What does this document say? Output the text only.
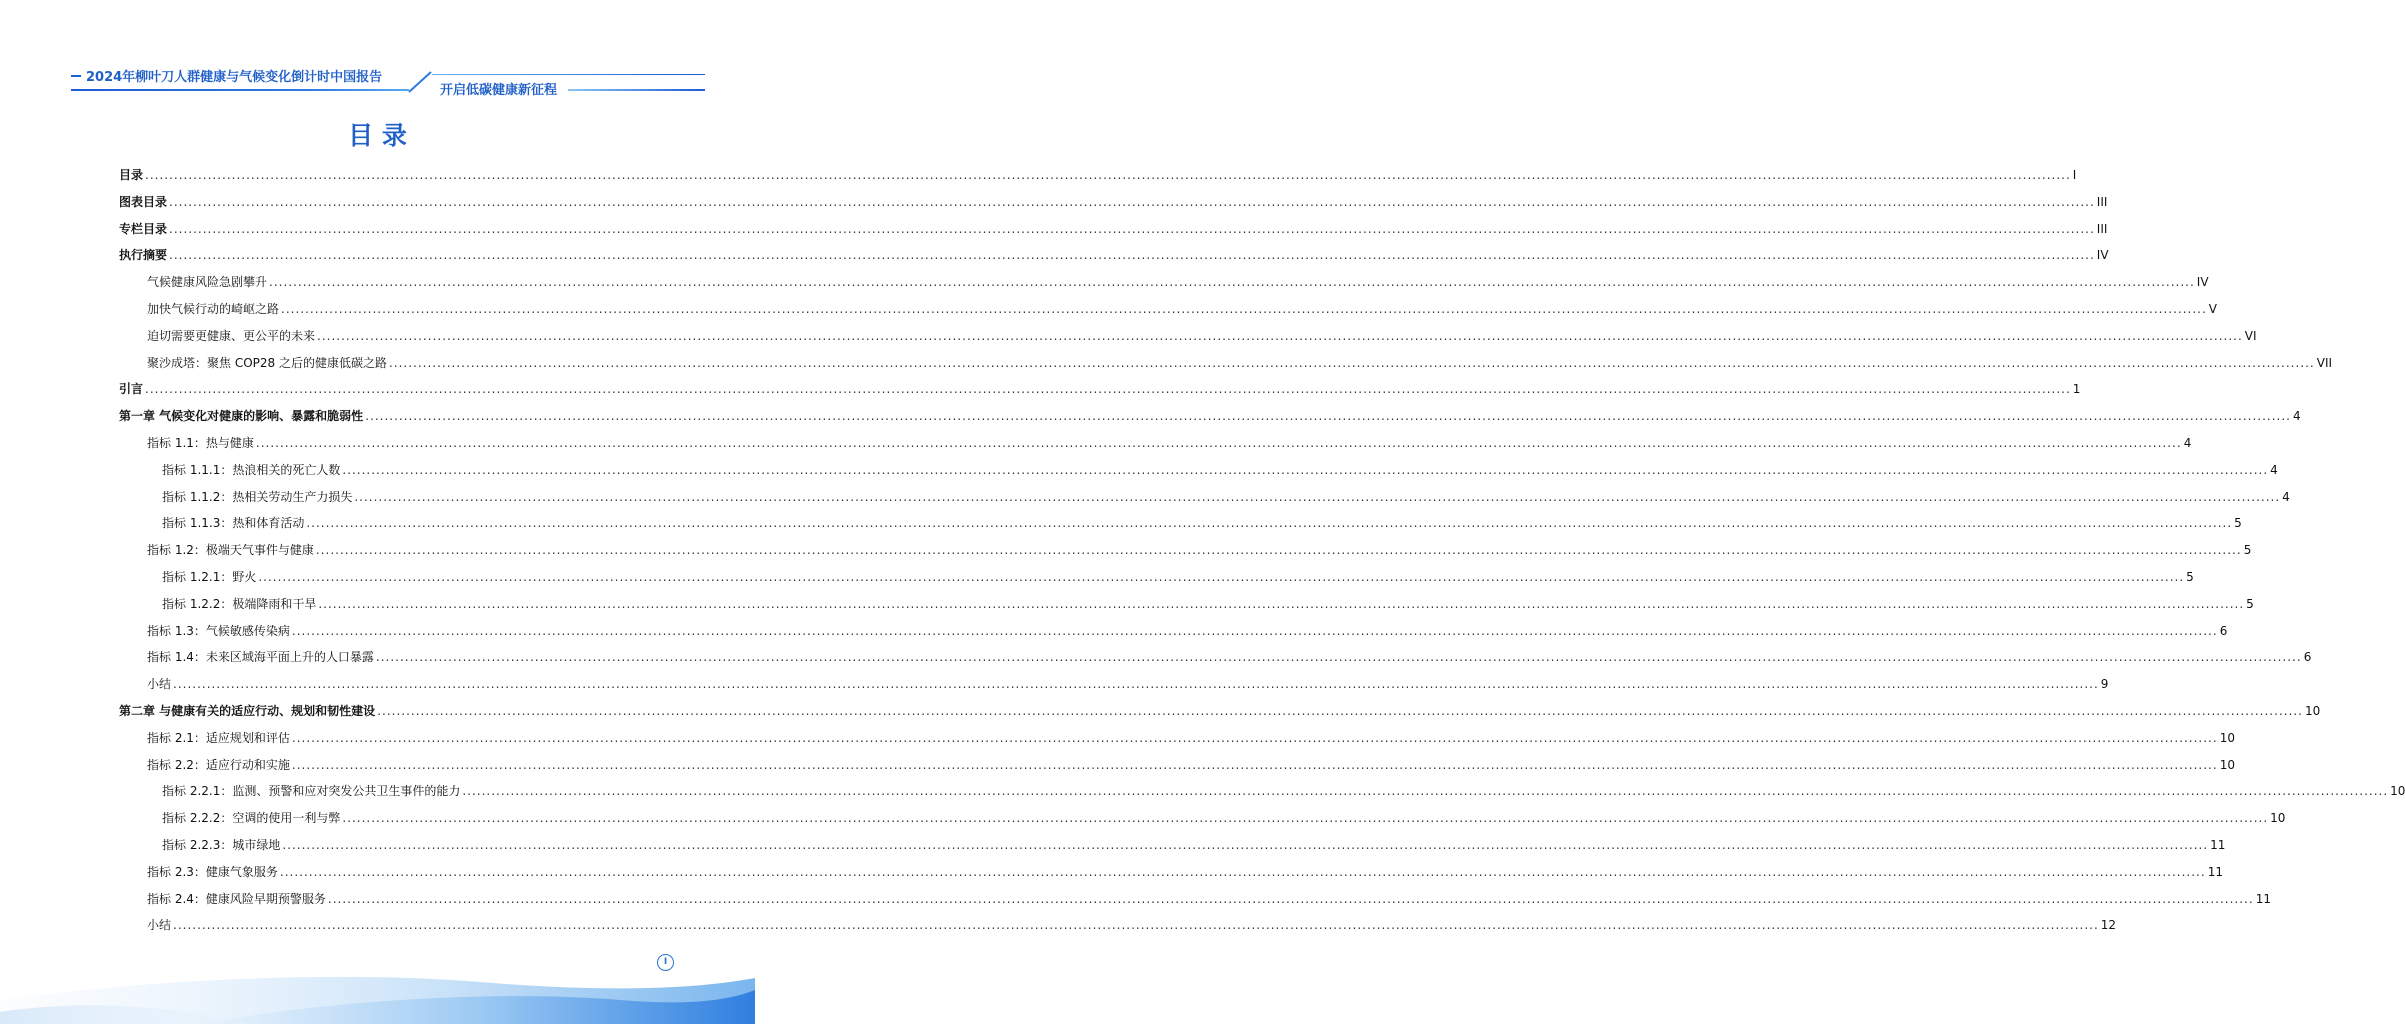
2024年柳叶刀人群健康与气候变化倒计时中国报告
开启低碳健康新征程
目 录
目录 ................................................................................................................................................................................................................................................................................................................................................................................................................ I
图表目录 ................................................................................................................................................................................................................................................................................................................................................................................................................ III
专栏目录 ................................................................................................................................................................................................................................................................................................................................................................................................................ III
执行摘要 ................................................................................................................................................................................................................................................................................................................................................................................................................ IV
气候健康风险急剧攀升 ................................................................................................................................................................................................................................................................................................................................................................................................................ IV
加快气候行动的崎岖之路 ................................................................................................................................................................................................................................................................................................................................................................................................................ V
迫切需要更健康、更公平的未来 ................................................................................................................................................................................................................................................................................................................................................................................................................ VI
聚沙成塔：聚焦 COP28 之后的健康低碳之路 ................................................................................................................................................................................................................................................................................................................................................................................................................ VII
引言 ................................................................................................................................................................................................................................................................................................................................................................................................................ 1
第一章 气候变化对健康的影响、暴露和脆弱性 ................................................................................................................................................................................................................................................................................................................................................................................................................ 4
指标 1.1：热与健康 ................................................................................................................................................................................................................................................................................................................................................................................................................ 4
指标 1.1.1：热浪相关的死亡人数 ................................................................................................................................................................................................................................................................................................................................................................................................................ 4
指标 1.1.2：热相关劳动生产力损失 ................................................................................................................................................................................................................................................................................................................................................................................................................ 4
指标 1.1.3：热和体育活动 ................................................................................................................................................................................................................................................................................................................................................................................................................ 5
指标 1.2：极端天气事件与健康 ................................................................................................................................................................................................................................................................................................................................................................................................................ 5
指标 1.2.1：野火 ................................................................................................................................................................................................................................................................................................................................................................................................................ 5
指标 1.2.2：极端降雨和干旱 ................................................................................................................................................................................................................................................................................................................................................................................................................ 5
指标 1.3：气候敏感传染病 ................................................................................................................................................................................................................................................................................................................................................................................................................ 6
指标 1.4：未来区域海平面上升的人口暴露 ................................................................................................................................................................................................................................................................................................................................................................................................................ 6
小结 ................................................................................................................................................................................................................................................................................................................................................................................................................ 9
第二章 与健康有关的适应行动、规划和韧性建设 ................................................................................................................................................................................................................................................................................................................................................................................................................ 10
指标 2.1：适应规划和评估 ................................................................................................................................................................................................................................................................................................................................................................................................................ 10
指标 2.2：适应行动和实施 ................................................................................................................................................................................................................................................................................................................................................................................................................ 10
指标 2.2.1：监测、预警和应对突发公共卫生事件的能力 ................................................................................................................................................................................................................................................................................................................................................................................................................ 10
指标 2.2.2：空调的使用一利与弊 ................................................................................................................................................................................................................................................................................................................................................................................................................ 10
指标 2.2.3：城市绿地 ................................................................................................................................................................................................................................................................................................................................................................................................................ 11
指标 2.3：健康气象服务 ................................................................................................................................................................................................................................................................................................................................................................................................................ 11
指标 2.4：健康风险早期预警服务 ................................................................................................................................................................................................................................................................................................................................................................................................................ 11
小结 ................................................................................................................................................................................................................................................................................................................................................................................................................ 12
I
